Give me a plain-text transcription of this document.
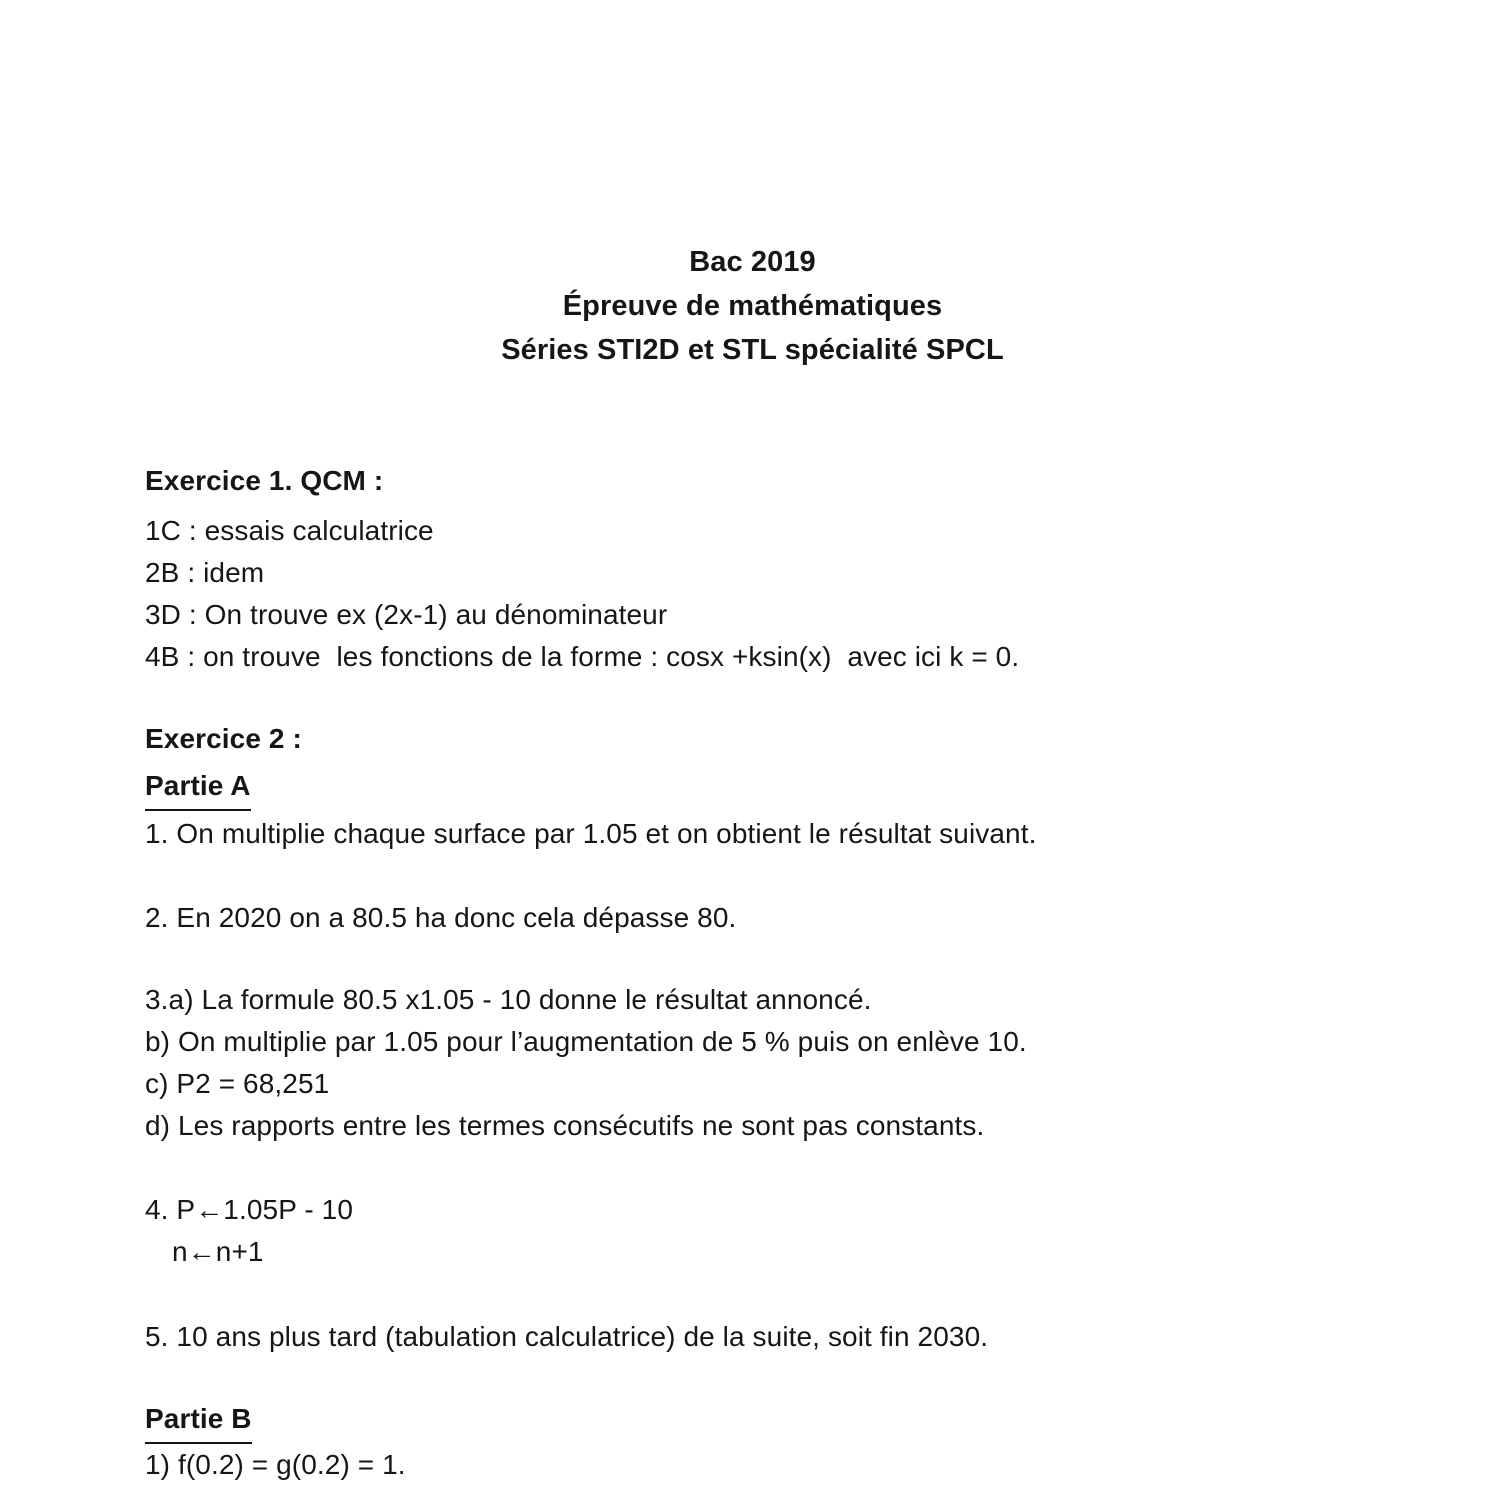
Bac 2019
Épreuve de mathématiques
Séries STI2D et STL spécialité SPCL
Exercice 1. QCM :
1C : essais calculatrice
2B : idem
3D : On trouve ex (2x-1) au dénominateur
4B : on trouve  les fonctions de la forme : cosx +ksin(x)  avec ici k = 0.
Exercice 2 :
Partie A
1. On multiplie chaque surface par 1.05 et on obtient le résultat suivant.
2. En 2020 on a 80.5 ha donc cela dépasse 80.
3.a) La formule 80.5 x1.05 - 10 donne le résultat annoncé.
b) On multiplie par 1.05 pour l’augmentation de 5 % puis on enlève 10.
c) P2 = 68,251
d) Les rapports entre les termes consécutifs ne sont pas constants.
4. P←1.05P - 10
n←n+1
5. 10 ans plus tard (tabulation calculatrice) de la suite, soit fin 2030.
Partie B
1) f(0.2) = g(0.2) = 1.
